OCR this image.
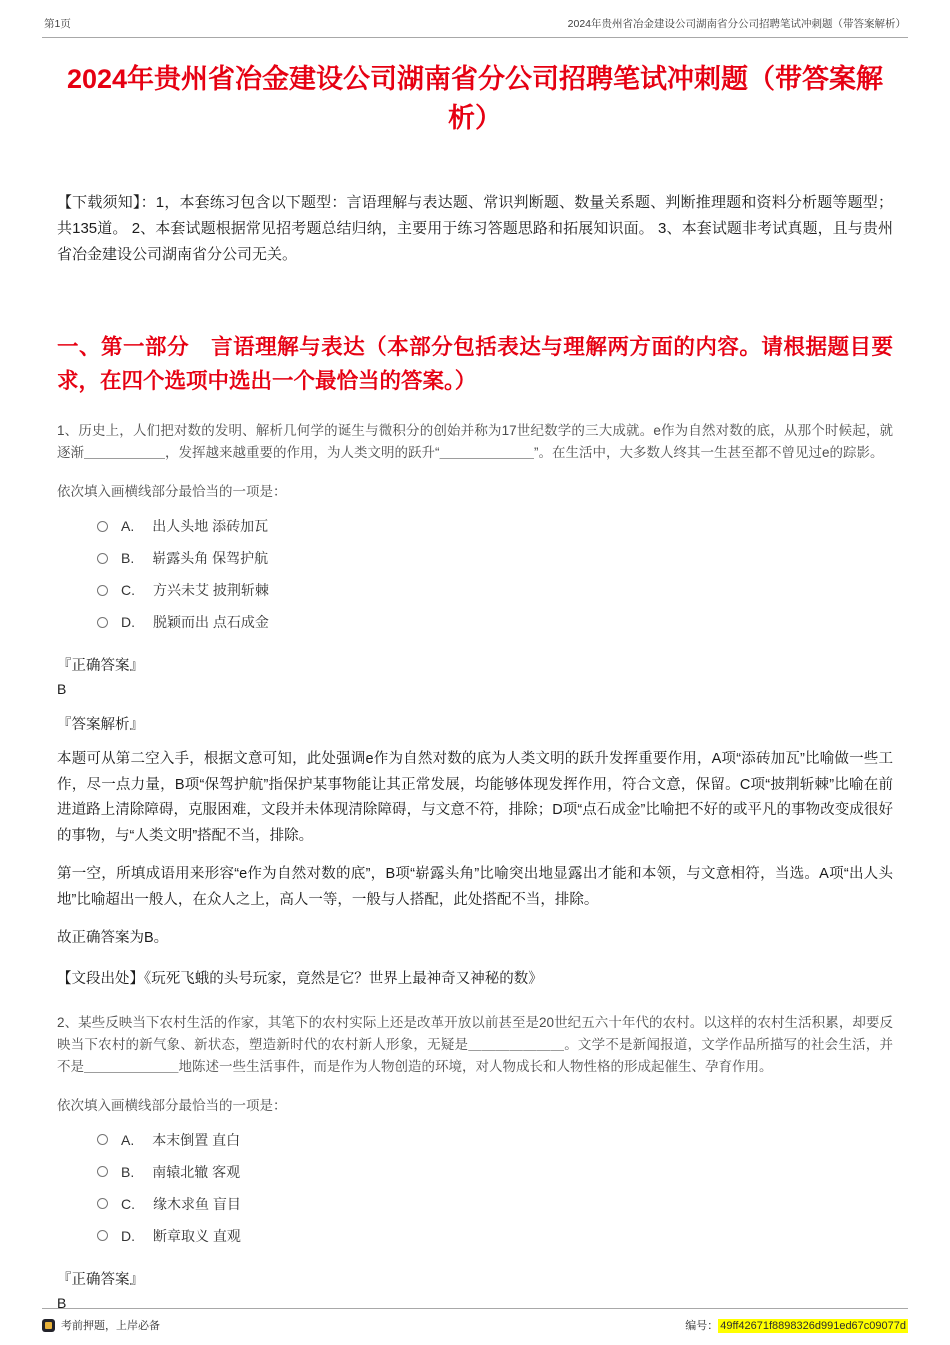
第1页	2024年贵州省冶金建设公司湖南省分公司招聘笔试冲刺题（带答案解析）
2024年贵州省冶金建设公司湖南省分公司招聘笔试冲刺题（带答案解析）

【下载须知】：1，本套练习包含以下题型：言语理解与表达题、常识判断题、数量关系题、判断推理题和资料分析题等题型；共135道。 2、本套试题根据常见招考题总结归纳，主要用于练习答题思路和拓展知识面。 3、本套试题非考试真题，且与贵州省冶金建设公司湖南省分公司无关。

一、第一部分　言语理解与表达（本部分包括表达与理解两方面的内容。请根据题目要求，在四个选项中选出一个最恰当的答案。）

1、历史上，人们把对数的发明、解析几何学的诞生与微积分的创始并称为17世纪数学的三大成就。e作为自然对数的底，从那个时候起，就逐渐＿＿＿＿＿＿，发挥越来越重要的作用，为人类文明的跃升“＿＿＿＿＿＿＿”。在生活中，大多数人终其一生甚至都不曾见过e的踪影。

依次填入画横线部分最恰当的一项是：

A. 出人头地 添砖加瓦
B. 崭露头角 保驾护航
C. 方兴未艾 披荆斩棘
D. 脱颖而出 点石成金

『正确答案』

B

『答案解析』

本题可从第二空入手，根据文意可知，此处强调e作为自然对数的底为人类文明的跃升发挥重要作用，A项“添砖加瓦”比喻做一些工作，尽一点力量，B项“保驾护航”指保护某事物能让其正常发展，均能够体现发挥作用，符合文意，保留。C项“披荆斩棘”比喻在前进道路上清除障碍，克服困难，文段并未体现清除障碍，与文意不符，排除；D项“点石成金”比喻把不好的或平凡的事物改变成很好的事物，与“人类文明”搭配不当，排除。

第一空，所填成语用来形容“e作为自然对数的底”，B项“崭露头角”比喻突出地显露出才能和本领，与文意相符，当选。A项“出人头地”比喻超出一般人，在众人之上，高人一等，一般与人搭配，此处搭配不当，排除。

故正确答案为B。

【文段出处】《玩死飞蛾的头号玩家，竟然是它？世界上最神奇又神秘的数》

2、某些反映当下农村生活的作家，其笔下的农村实际上还是改革开放以前甚至是20世纪五六十年代的农村。以这样的农村生活积累，却要反映当下农村的新气象、新状态，塑造新时代的农村新人形象，无疑是＿＿＿＿＿＿＿。文学不是新闻报道，文学作品所描写的社会生活，并不是＿＿＿＿＿＿＿地陈述一些生活事件，而是作为人物创造的环境，对人物成长和人物性格的形成起催生、孕育作用。

依次填入画横线部分最恰当的一项是：

A. 本末倒置 直白
B. 南辕北辙 客观
C. 缘木求鱼 盲目
D. 断章取义 直观

『正确答案』

B

考前押题，上岸必备	编号： 49ff42671f8898326d991ed67c09077d
